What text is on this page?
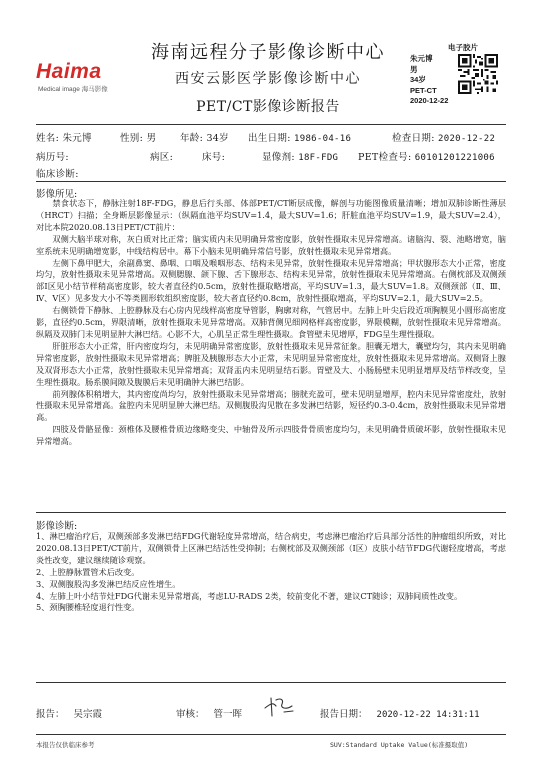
Haima
Medical image 海马影像
海南远程分子影像诊断中心
西安云影医学影像诊断中心
PET/CT影像诊断报告
电子胶片
朱元博
男
34岁
PET-CT
2020-12-22
姓名: 朱元博	性别: 男	年龄: 34岁 出生日期: 1986-04-16	检查日期: 2020-12-22
病历号:	病区:	床号:	显像剂: 18F-FDG PET检查号: 60101201221006
临床诊断:
影像所见:

禁食状态下，静脉注射18F-FDG，静息后行头部、体部PET/CT断层成像，解剖与功能图像质量清晰；增加双肺诊断性薄层（HRCT）扫描；全身断层影像显示：（纵隔血池平均SUV=1.4，最大SUV=1.6；肝脏血池平均SUV=1.9，最大SUV=2.4），对比本院2020.08.13日PET/CT前片：

双侧大脑半球对称，灰白质对比正常；脑实质内未见明确异常密度影，放射性摄取未见异常增高。诸脑沟、裂、池略增宽，脑室系统未见明确增宽影，中线结构居中。幕下小脑未见明确异常信号影，放射性摄取未见异常增高。

左侧下鼻甲肥大，余副鼻窦、鼻咽、口咽及喉咽形态、结构未见异常，放射性摄取未见异常增高；甲状腺形态大小正常，密度均匀，放射性摄取未见异常增高。双侧腮腺、颌下腺、舌下腺形态、结构未见异常，放射性摄取未见异常增高。右侧枕部及双侧颈部Ⅰ区见小结节样稍高密度影，较大者直径约0.5cm，放射性摄取略增高，平均SUV=1.3，最大SUV=1.8。双侧颈部（Ⅱ、Ⅲ、Ⅳ、Ⅴ区）见多发大小不等类圆形软组织密度影，较大者直径约0.8cm，放射性摄取增高，平均SUV=2.1，最大SUV=2.5。

右侧锁骨下静脉、上腔静脉及右心房内见线样高密度导管影，胸廓对称，气管居中。左肺上叶尖后段近项胸膜见小圆形高密度影，直径约0.5cm，界限清晰，放射性摄取未见异常增高。双肺背侧见细网格样高密度影，界限模糊，放射性摄取未见异常增高。纵隔及双肺门未见明显肿大淋巴结。心影不大，心肌呈正常生理性摄取。食管壁未见增厚，FDG呈生理性摄取。

肝脏形态大小正常，肝内密度均匀，未见明确异常密度影，放射性摄取未见异常征象。胆囊无增大，囊壁均匀，其内未见明确异常密度影，放射性摄取未见异常增高；脾脏及胰腺形态大小正常，未见明显异常密度灶，放射性摄取未见异常增高。双侧肾上腺及双肾形态大小正常，放射性摄取未见异常增高；双肾盂内未见明显结石影。胃壁及大、小肠肠壁未见明显增厚及结节样改变，呈生理性摄取。肠系膜间隙及腹膜后未见明确肿大淋巴结影。

前列腺体积稍增大，其内密度尚均匀，放射性摄取未见异常增高；膀胱充盈可，壁未见明显增厚，腔内未见异常密度灶，放射性摄取未见异常增高。盆腔内未见明显肿大淋巴结。双侧腹股沟见散在多发淋巴结影，短径约0.3-0.4cm，放射性摄取未见异常增高。

四肢及骨骼显像：颈椎体及腰椎骨质边缘略变尖、中轴骨及所示四肢骨骨质密度均匀，未见明确骨质破坏影，放射性摄取未见异常增高。

影像诊断:
1、淋巴瘤治疗后，双侧颈部多发淋巴结FDG代谢轻度异常增高，结合病史，考虑淋巴瘤治疗后具部分活性的肿瘤组织所致，对比2020.08.13日PET/CT前片，双侧锁骨上区淋巴结活性受抑制；右侧枕部及双侧颈部（Ⅰ区）皮肤小结节FDG代谢轻度增高，考虑炎性改变，建议继续随诊观察。
2、上腔静脉置管术后改变。
3、双侧腹股沟多发淋巴结反应性增生。
4、左肺上叶小结节灶FDG代谢未见异常增高，考虑LU-RADS 2类，较前变化不著，建议CT随诊；双肺间质性改变。
5、颈胸腰椎轻度退行性变。
报告： 吴宗霞	审核： 管一晖	报告日期： 2020-12-22 14:31:11
本报告仅供临床参考	SUV:Standard Uptake Value(标准摄取值)
